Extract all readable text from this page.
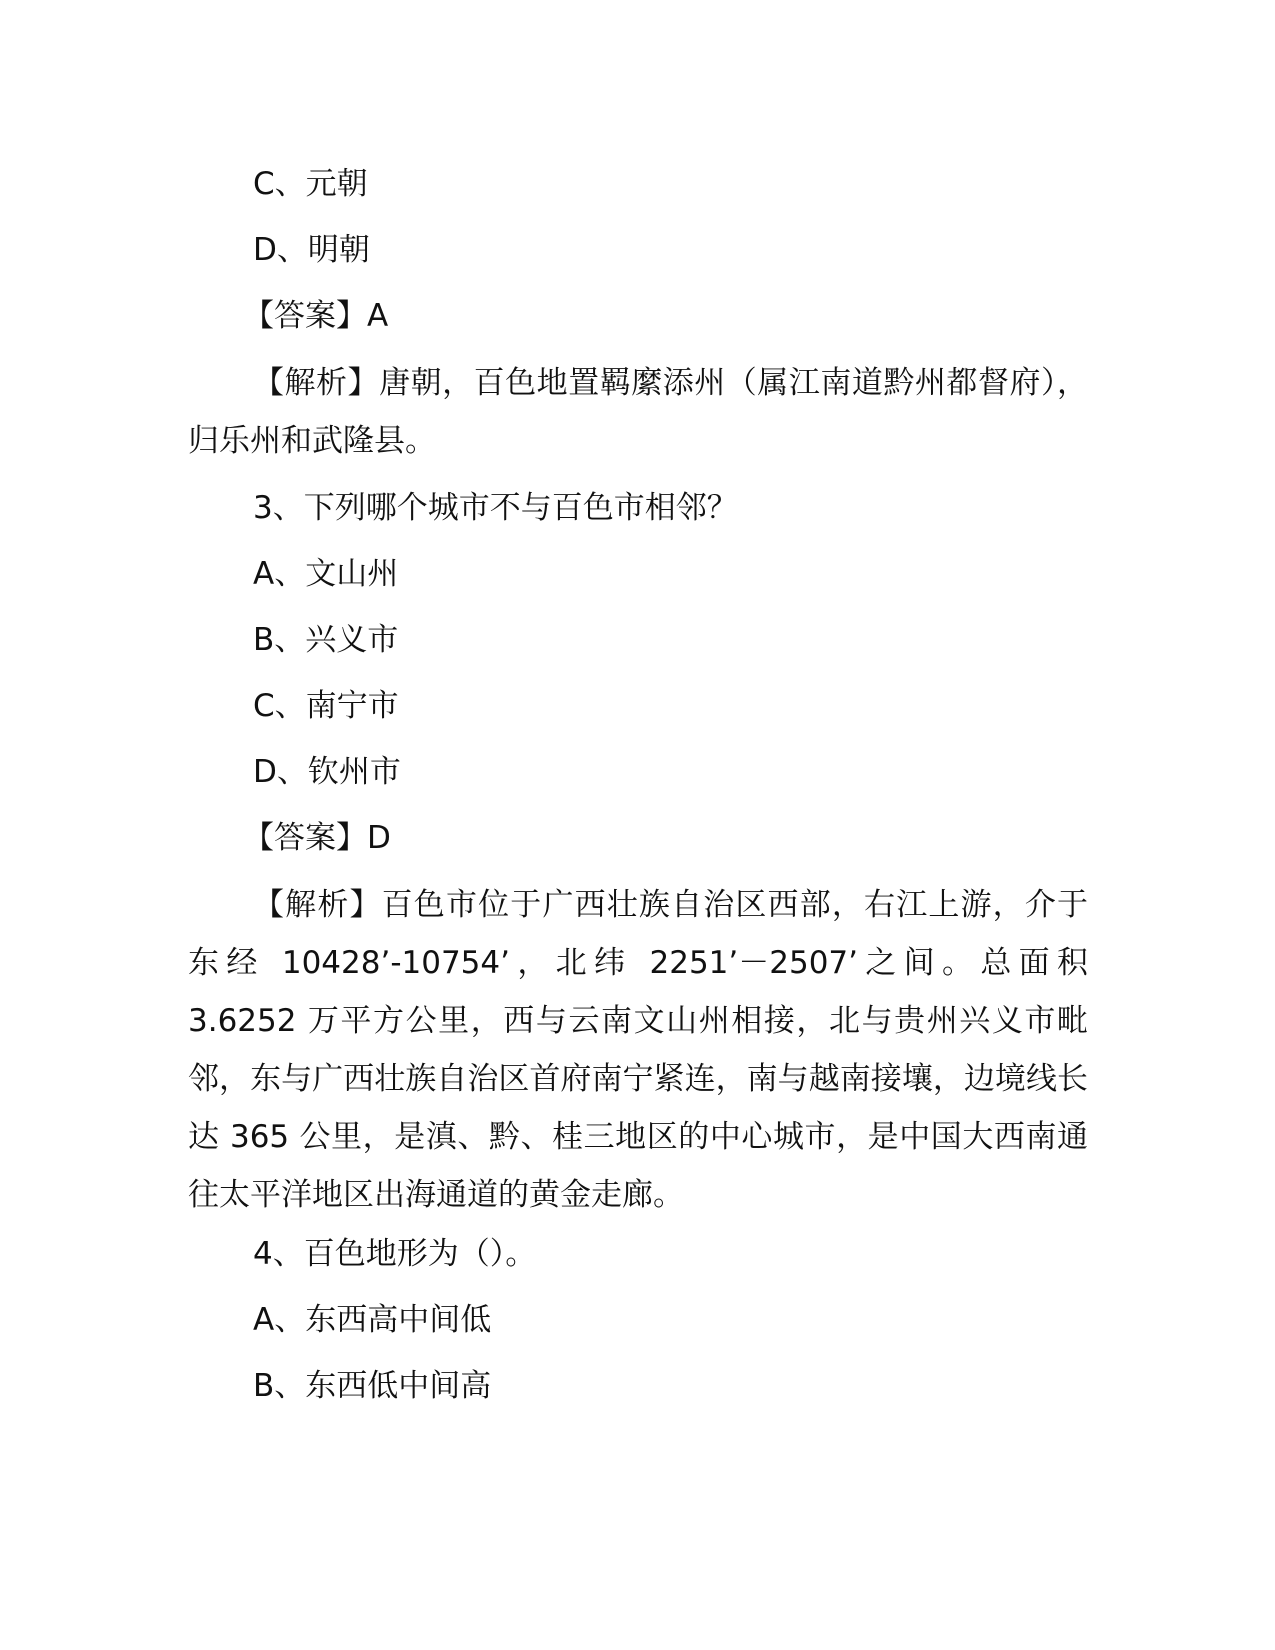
C、元朝
D、明朝
【答案】A
【解析】唐朝，百色地置羁縻添州（属江南道黔州都督府），归乐州和武隆县。
3、下列哪个城市不与百色市相邻？
A、文山州
B、兴义市
C、南宁市
D、钦州市
【答案】D
【解析】百色市位于广西壮族自治区西部，右江上游，介于东经 10428’-10754’，北纬 2251’－2507’之间。总面积 3.6252 万平方公里，西与云南文山州相接，北与贵州兴义市毗邻，东与广西壮族自治区首府南宁紧连，南与越南接壤，边境线长达 365 公里，是滇、黔、桂三地区的中心城市，是中国大西南通往太平洋地区出海通道的黄金走廊。
4、百色地形为（）。
A、东西高中间低
B、东西低中间高
